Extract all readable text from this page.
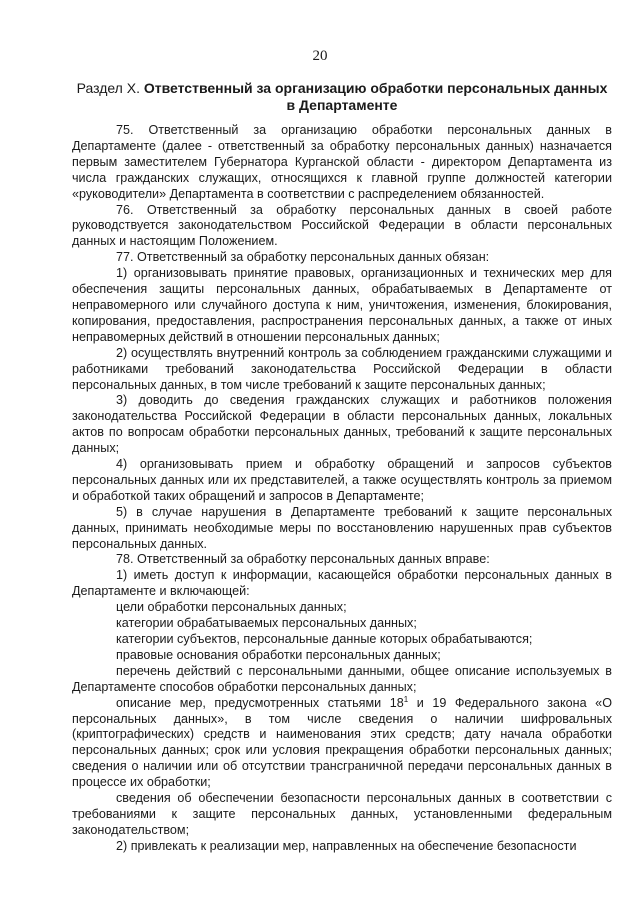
20
Раздел X. Ответственный за организацию обработки персональных данных в Департаменте

75. Ответственный за организацию обработки персональных данных в Департаменте (далее - ответственный за обработку персональных данных) назначается первым заместителем Губернатора Курганской области - директором Департамента из числа гражданских служащих, относящихся к главной группе должностей категории «руководители» Департамента в соответствии с распределением обязанностей.

76. Ответственный за обработку персональных данных в своей работе руководствуется законодательством Российской Федерации в области персональных данных и настоящим Положением.

77. Ответственный за обработку персональных данных обязан:

1) организовывать принятие правовых, организационных и технических мер для обеспечения защиты персональных данных, обрабатываемых в Департаменте от неправомерного или случайного доступа к ним, уничтожения, изменения, блокирования, копирования, предоставления, распространения персональных данных, а также от иных неправомерных действий в отношении персональных данных;

2) осуществлять внутренний контроль за соблюдением гражданскими служащими и работниками требований законодательства Российской Федерации в области персональных данных, в том числе требований к защите персональных данных;

3) доводить до сведения гражданских служащих и работников положения законодательства Российской Федерации в области персональных данных, локальных актов по вопросам обработки персональных данных, требований к защите персональных данных;

4) организовывать прием и обработку обращений и запросов субъектов персональных данных или их представителей, а также осуществлять контроль за приемом и обработкой таких обращений и запросов в Департаменте;

5) в случае нарушения в Департаменте требований к защите персональных данных, принимать необходимые меры по восстановлению нарушенных прав субъектов персональных данных.

78. Ответственный за обработку персональных данных вправе:

1) иметь доступ к информации, касающейся обработки персональных данных в Департаменте и включающей:

цели обработки персональных данных;

категории обрабатываемых персональных данных;

категории субъектов, персональные данные которых обрабатываются;

правовые основания обработки персональных данных;

перечень действий с персональными данными, общее описание используемых в Департаменте способов обработки персональных данных;

описание мер, предусмотренных статьями $18^1$ и 19 Федерального закона «О персональных данных», в том числе сведения о наличии шифровальных (криптографических) средств и наименования этих средств; дату начала обработки персональных данных; срок или условия прекращения обработки персональных данных; сведения о наличии или об отсутствии трансграничной передачи персональных данных в процессе их обработки;

сведения об обеспечении безопасности персональных данных в соответствии с требованиями к защите персональных данных, установленными федеральным законодательством;

2) привлекать к реализации мер, направленных на обеспечение безопасности
